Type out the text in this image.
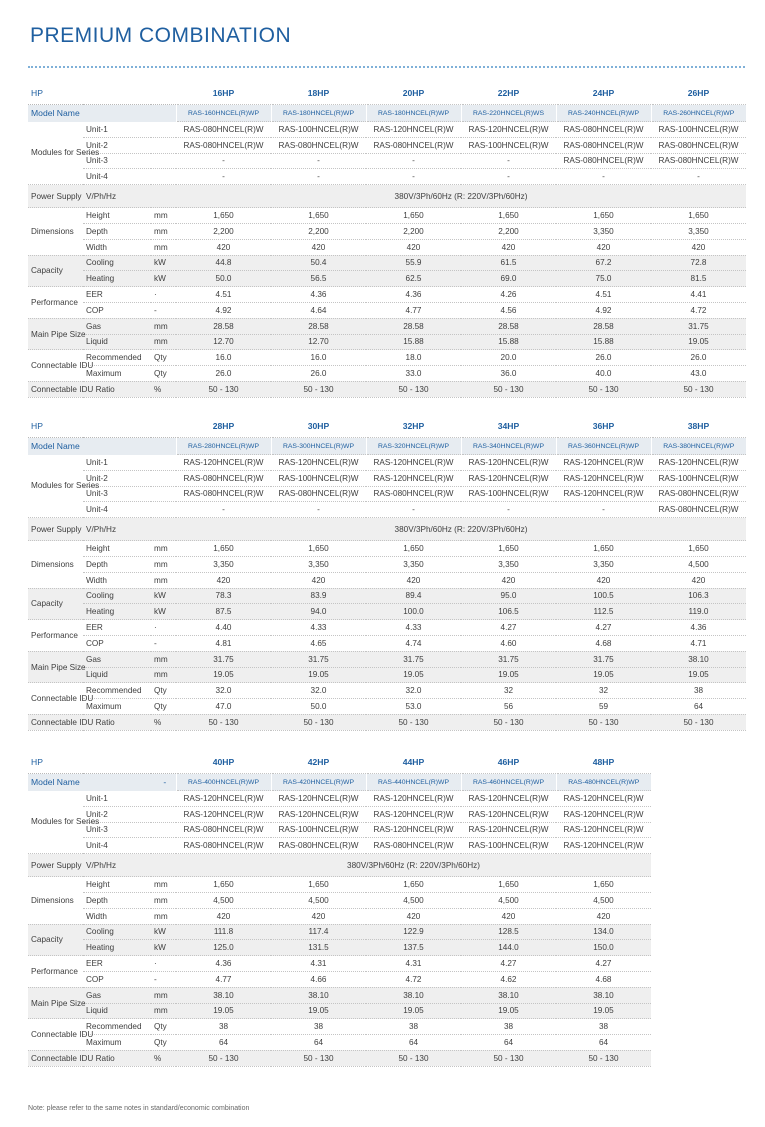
PREMIUM COMBINATION
HP			16HP	18HP	20HP	22HP	24HP	26HP
Model Name			RAS-160HNCEL(R)WP	RAS-180HNCEL(R)WP	RAS-180HNCEL(R)WP	RAS-220HNCEL(R)WS	RAS-240HNCEL(R)WP	RAS-260HNCEL(R)WP
Modules for Series	Unit-1		RAS-080HNCEL(R)W	RAS-100HNCEL(R)W	RAS-120HNCEL(R)W	RAS-120HNCEL(R)W	RAS-080HNCEL(R)W	RAS-100HNCEL(R)W
	Unit-2		RAS-080HNCEL(R)W	RAS-080HNCEL(R)W	RAS-080HNCEL(R)W	RAS-100HNCEL(R)W	RAS-080HNCEL(R)W	RAS-080HNCEL(R)W
	Unit-3		-	-	-	-	RAS-080HNCEL(R)W	RAS-080HNCEL(R)W
	Unit-4		-	-	-	-	-	-
Power Supply	V/Ph/Hz		380V/3Ph/60Hz (R: 220V/3Ph/60Hz)					
Dimensions	Height	mm	1,650	1,650	1,650	1,650	1,650	1,650
	Depth	mm	2,200	2,200	2,200	2,200	3,350	3,350
	Width	mm	420	420	420	420	420	420
Capacity	Cooling	kW	44.8	50.4	55.9	61.5	67.2	72.8
	Heating	kW	50.0	56.5	62.5	69.0	75.0	81.5
Performance	EER	·	4.51	4.36	4.36	4.26	4.51	4.41
	COP	-	4.92	4.64	4.77	4.56	4.92	4.72
Main Pipe Size	Gas	mm	28.58	28.58	28.58	28.58	28.58	31.75
	Liquid	mm	12.70	12.70	15.88	15.88	15.88	19.05
Connectable IDU	Recommended	Qty	16.0	16.0	18.0	20.0	26.0	26.0
	Maximum	Qty	26.0	26.0	33.0	36.0	40.0	43.0
Connectable IDU Ratio		%	50 - 130	50 - 130	50 - 130	50 - 130	50 - 130	50 - 130
HP			28HP	30HP	32HP	34HP	36HP	38HP
Model Name			RAS-280HNCEL(R)WP	RAS-300HNCEL(R)WP	RAS-320HNCEL(R)WP	RAS-340HNCEL(R)WP	RAS-360HNCEL(R)WP	RAS-380HNCEL(R)WP
Modules for Series	Unit-1		RAS-120HNCEL(R)W	RAS-120HNCEL(R)W	RAS-120HNCEL(R)W	RAS-120HNCEL(R)W	RAS-120HNCEL(R)W	RAS-120HNCEL(R)W
	Unit-2		RAS-080HNCEL(R)W	RAS-100HNCEL(R)W	RAS-120HNCEL(R)W	RAS-120HNCEL(R)W	RAS-120HNCEL(R)W	RAS-100HNCEL(R)W
	Unit-3		RAS-080HNCEL(R)W	RAS-080HNCEL(R)W	RAS-080HNCEL(R)W	RAS-100HNCEL(R)W	RAS-120HNCEL(R)W	RAS-080HNCEL(R)W
	Unit-4		-	-	-	-	-	RAS-080HNCEL(R)W
Power Supply	V/Ph/Hz		380V/3Ph/60Hz (R: 220V/3Ph/60Hz)					
Dimensions	Height	mm	1,650	1,650	1,650	1,650	1,650	1,650
	Depth	mm	3,350	3,350	3,350	3,350	3,350	4,500
	Width	mm	420	420	420	420	420	420
Capacity	Cooling	kW	78.3	83.9	89.4	95.0	100.5	106.3
	Heating	kW	87.5	94.0	100.0	106.5	112.5	119.0
Performance	EER	·	4.40	4.33	4.33	4.27	4.27	4.36
	COP	-	4.81	4.65	4.74	4.60	4.68	4.71
Main Pipe Size	Gas	mm	31.75	31.75	31.75	31.75	31.75	38.10
	Liquid	mm	19.05	19.05	19.05	19.05	19.05	19.05
Connectable IDU	Recommended	Qty	32.0	32.0	32.0	32	32	38
	Maximum	Qty	47.0	50.0	53.0	56	59	64
Connectable IDU Ratio		%	50 - 130	50 - 130	50 - 130	50 - 130	50 - 130	50 - 130
HP			40HP	42HP	44HP	46HP	48HP
Model Name		-	RAS-400HNCEL(R)WP	RAS-420HNCEL(R)WP	RAS-440HNCEL(R)WP	RAS-460HNCEL(R)WP	RAS-480HNCEL(R)WP
Modules for Series	Unit-1		RAS-120HNCEL(R)W	RAS-120HNCEL(R)W	RAS-120HNCEL(R)W	RAS-120HNCEL(R)W	RAS-120HNCEL(R)W
	Unit-2		RAS-120HNCEL(R)W	RAS-120HNCEL(R)W	RAS-120HNCEL(R)W	RAS-120HNCEL(R)W	RAS-120HNCEL(R)W
	Unit-3		RAS-080HNCEL(R)W	RAS-100HNCEL(R)W	RAS-120HNCEL(R)W	RAS-120HNCEL(R)W	RAS-120HNCEL(R)W
	Unit-4		RAS-080HNCEL(R)W	RAS-080HNCEL(R)W	RAS-080HNCEL(R)W	RAS-100HNCEL(R)W	RAS-120HNCEL(R)W
Power Supply	V/Ph/Hz		380V/3Ph/60Hz (R: 220V/3Ph/60Hz)				
Dimensions	Height	mm	1,650	1,650	1,650	1,650	1,650
	Depth	mm	4,500	4,500	4,500	4,500	4,500
	Width	mm	420	420	420	420	420
Capacity	Cooling	kW	111.8	117.4	122.9	128.5	134.0
	Heating	kW	125.0	131.5	137.5	144.0	150.0
Performance	EER	·	4.36	4.31	4.31	4.27	4.27
	COP	-	4.77	4.66	4.72	4.62	4.68
Main Pipe Size	Gas	mm	38.10	38.10	38.10	38.10	38.10
	Liquid	mm	19.05	19.05	19.05	19.05	19.05
Connectable IDU	Recommended	Qty	38	38	38	38	38
	Maximum	Qty	64	64	64	64	64
Connectable IDU Ratio		%	50 - 130	50 - 130	50 - 130	50 - 130	50 - 130

Note: please refer to the same notes in standard/economic combination
